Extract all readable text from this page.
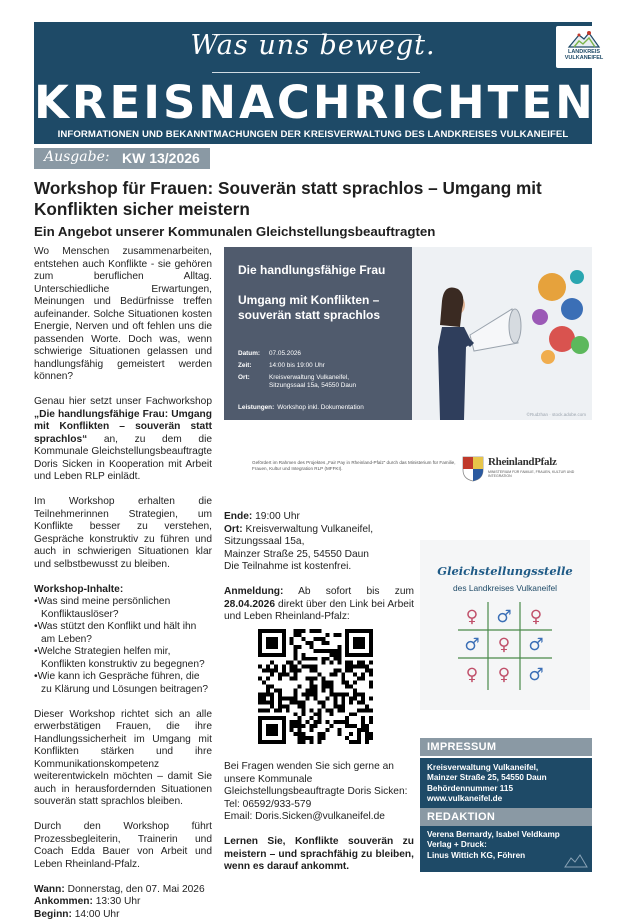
Was uns bewegt.
KREISNACHRICHTEN
INFORMATIONEN UND BEKANNTMACHUNGEN DER KREISVERWALTUNG DES LANDKREISES VULKANEIFEL
LANDKREIS
VULKANEIFEL
Ausgabe: KW 13/2026
Workshop für Frauen: Souverän statt sprachlos – Umgang mit Konflikten sicher meistern
Ein Angebot unserer Kommunalen Gleichstellungsbeauftragten

Wo Menschen zusammenarbeiten, entstehen auch Konflikte - sie gehören zum beruflichen Alltag. Unterschiedliche Erwartungen, Meinungen und Bedürfnisse treffen aufeinander. Solche Situationen kosten Energie, Nerven und oft fehlen uns die passenden Worte. Doch was, wenn schwierige Situationen gelassen und handlungsfähig gemeistert werden können?

Genau hier setzt unser Fachworkshop „Die handlungsfähige Frau: Umgang mit Konflikten – souverän statt sprachlos“ an, zu dem die Kommunale Gleichstellungsbeauftragte Doris Sicken in Kooperation mit Arbeit und Leben RLP einlädt.

Im Workshop erhalten die Teilnehmerinnen Strategien, um Konflikte besser zu verstehen, Gespräche konstruktiv zu führen und auch in schwierigen Situationen klar und selbstbewusst zu bleiben.

Workshop-Inhalte:
•Was sind meine persönlichen Konfliktauslöser?
•Was stützt den Konflikt und hält ihn am Leben?
•Welche Strategien helfen mir, Konflikten konstruktiv zu begegnen?
•Wie kann ich Gespräche führen, die zu Klärung und Lösungen beitragen?

Dieser Workshop richtet sich an alle erwerbstätigen Frauen, die ihre Handlungssicherheit im Umgang mit Konflikten stärken und ihre Kommunikationskompetenz weiterentwickeln möchten – damit Sie auch in herausfordernden Situationen souverän statt sprachlos bleiben.

Durch den Workshop führt Prozessbegleiterin, Trainerin und Coach Edda Bauer von Arbeit und Leben Rheinland-Pfalz.

Wann: Donnerstag, den 07. Mai 2026
Ankommen: 13:30 Uhr
Beginn: 14:00 Uhr
Die handlungsfähige Frau
Umgang mit Konflikten – souverän statt sprachlos
Datum: 07.05.2026
Zeit:	14:00 bis 19:00 Uhr
Ort:	Kreisverwaltung Vulkaneifel, Sitzungssaal 15a, 54550 Daun
Leistungen: Workshop inkl. Dokumentation
©Rudzhan · stock.adobe.com
Gefördert im Rahmen des Projektes „Fair Pay in Rheinland-Pfalz“ durch das Ministerium für Familie, Frauen, Kultur und Integration RLP (MFFKI).	RheinlandPfalz
MINISTERIUM FÜR FAMILIE, FRAUEN, KULTUR UND INTEGRATION

Ende: 19:00 Uhr
Ort: Kreisverwaltung Vulkaneifel, Sitzungssaal 15a,
Mainzer Straße 25, 54550 Daun
Die Teilnahme ist kostenfrei.

Anmeldung: Ab sofort bis zum 28.04.2026 direkt über den Link bei Arbeit und Leben Rheinland-Pfalz:

Bei Fragen wenden Sie sich gerne an unsere Kommunale Gleichstellungsbeauftragte Doris Sicken:
Tel: 06592/933-579
Email: Doris.Sicken@vulkaneifel.de

Lernen Sie, Konflikte souverän zu meistern – und sprachfähig zu bleiben, wenn es darauf ankommt.

Gleichstellungsstelle
des Landkreises Vulkaneifel
♀ ♂ ♀
♂ ♀ ♂
♀ ♀ ♂
IMPRESSUM
Kreisverwaltung Vulkaneifel,
Mainzer Straße 25, 54550 Daun
Behördennummer 115
www.vulkaneifel.de
REDAKTION
Verena Bernardy, Isabel Veldkamp
Verlag + Druck:
Linus Wittich KG, Föhren
